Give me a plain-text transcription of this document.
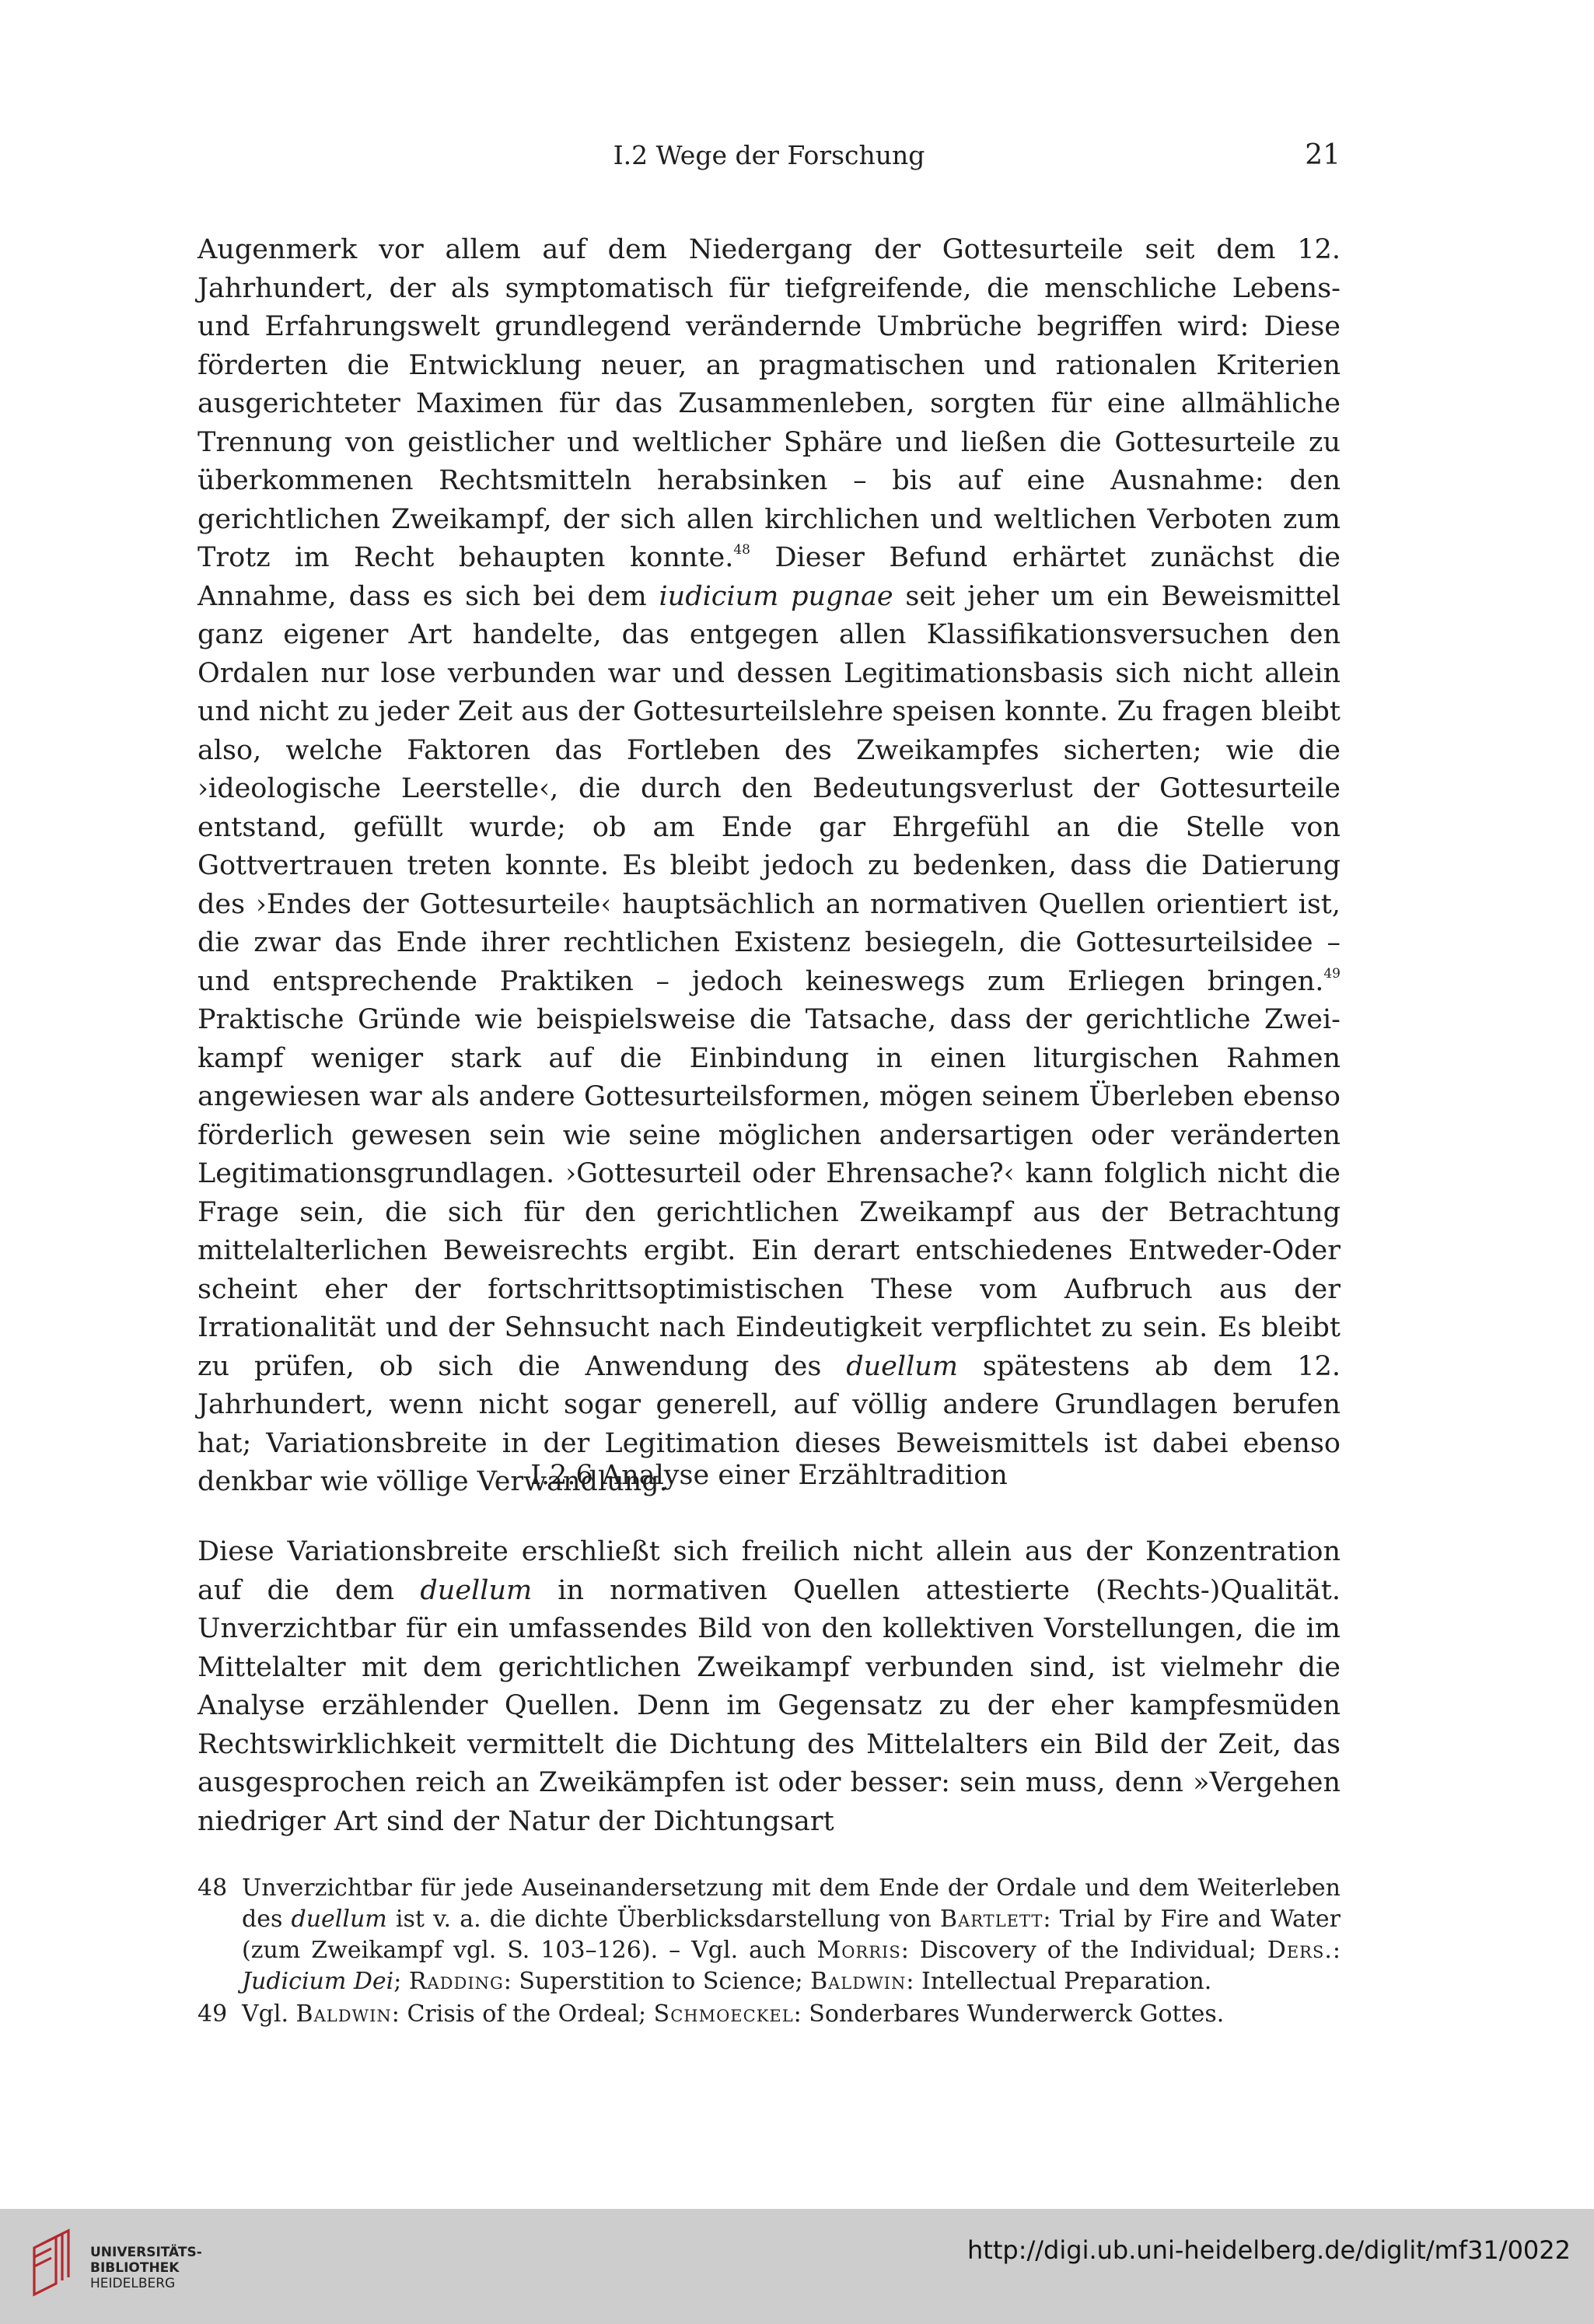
I.2 Wege der Forschung	21

Augenmerk vor allem auf dem Niedergang der Gottesurteile seit dem 12. Jahrhundert, der als symptomatisch für tiefgreifende, die menschliche Lebens- und Erfahrungswelt grundlegend verändernde Umbrüche begriffen wird: Diese förderten die Entwicklung neuer, an pragmatischen und rationalen Kriterien ausgerichteter Maximen für das Zusammenleben, sorgten für eine allmähliche Trennung von geistlicher und weltlicher Sphäre und ließen die Gottesurteile zu überkommenen Rechtsmitteln herabsinken – bis auf eine Ausnahme: den gerichtlichen Zweikampf, der sich allen kirchlichen und weltlichen Verboten zum Trotz im Recht behaupten konnte.$^{48}$ Dieser Befund erhärtet zunächst die Annahme, dass es sich bei dem iudicium pugnae seit jeher um ein Beweismittel ganz eigener Art handelte, das entgegen allen Klassifikationsversuchen den Ordalen nur lose verbunden war und dessen Legitimationsbasis sich nicht allein und nicht zu jeder Zeit aus der Gottesurteilslehre speisen konnte. Zu fragen bleibt also, welche Faktoren das Fortleben des Zweikampfes sicherten; wie die ›ideologische Leerstelle‹, die durch den Bedeutungsverlust der Gottesurteile entstand, gefüllt wurde; ob am Ende gar Ehrgefühl an die Stelle von Gottvertrauen treten konnte. Es bleibt jedoch zu bedenken, dass die Datierung des ›Endes der Gottesurteile‹ hauptsächlich an normativen Quellen orientiert ist, die zwar das Ende ihrer rechtlichen Existenz besiegeln, die Gottesurteilsidee – und entsprechende Praktiken – jedoch keineswegs zum Erliegen bringen.$^{49}$ Praktische Gründe wie beispielsweise die Tatsache, dass der gerichtliche Zweikampf weniger stark auf die Einbindung in einen liturgischen Rahmen angewiesen war als andere Gottesurteilsformen, mögen seinem Überleben ebenso förderlich gewesen sein wie seine möglichen andersartigen oder veränderten Legitimationsgrundlagen. ›Gottesurteil oder Ehrensache?‹ kann folglich nicht die Frage sein, die sich für den gerichtlichen Zweikampf aus der Betrachtung mittelalterlichen Beweisrechts ergibt. Ein derart entschiedenes Entweder-Oder scheint eher der fortschrittsoptimistischen These vom Aufbruch aus der Irrationalität und der Sehnsucht nach Eindeutigkeit verpflichtet zu sein. Es bleibt zu prüfen, ob sich die Anwendung des duellum spätestens ab dem 12. Jahrhundert, wenn nicht sogar generell, auf völlig andere Grundlagen berufen hat; Variationsbreite in der Legitimation dieses Beweismittels ist dabei ebenso denkbar wie völlige Verwandlung.

I.2.6 Analyse einer Erzähltradition

Diese Variationsbreite erschließt sich freilich nicht allein aus der Konzentration auf die dem duellum in normativen Quellen attestierte (Rechts-)Qualität. Unverzichtbar für ein umfassendes Bild von den kollektiven Vorstellungen, die im Mittelalter mit dem gerichtlichen Zweikampf verbunden sind, ist vielmehr die Analyse erzählender Quellen. Denn im Gegensatz zu der eher kampfesmüden Rechtswirklichkeit vermittelt die Dichtung des Mittelalters ein Bild der Zeit, das ausgesprochen reich an Zweikämpfen ist oder besser: sein muss, denn »Vergehen niedriger Art sind der Natur der Dichtungsart

48 Unverzichtbar für jede Auseinandersetzung mit dem Ende der Ordale und dem Weiterleben des duellum ist v. a. die dichte Überblicksdarstellung von Bartlett: Trial by Fire and Water (zum Zweikampf vgl. S. 103–126). – Vgl. auch Morris: Discovery of the Individual; Ders.: Judicium Dei; Radding: Superstition to Science; Baldwin: Intellectual Preparation.
49 Vgl. Baldwin: Crisis of the Ordeal; Schmoeckel: Sonderbares Wunderwerck Gottes.
UNIVERSITÄTS-
BIBLIOTHEK
HEIDELBERG
http://digi.ub.uni-heidelberg.de/diglit/mf31/0022
